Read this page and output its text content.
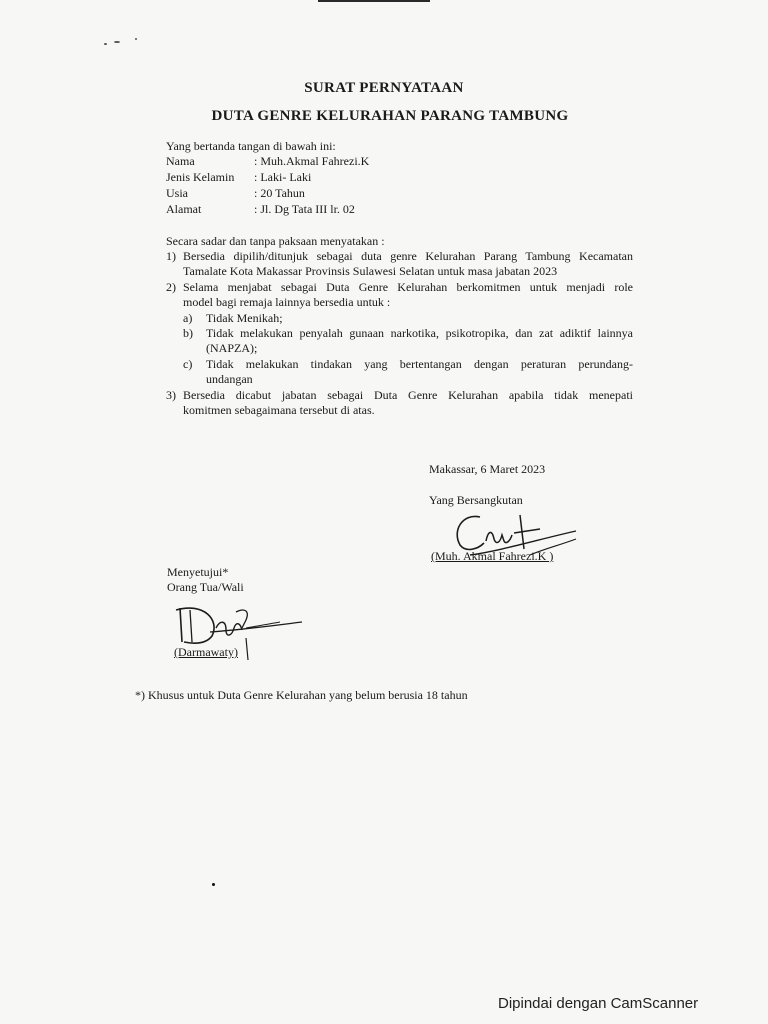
SURAT PERNYATAAN
DUTA GENRE KELURAHAN PARANG TAMBUNG
Yang bertanda tangan di bawah ini:
Nama	: Muh.Akmal Fahrezi.K
Jenis Kelamin : Laki- Laki
Usia	: 20 Tahun
Alamat	: Jl. Dg Tata III lr. 02
Secara sadar dan tanpa paksaan menyatakan :
1) Bersedia dipilih/ditunjuk sebagai duta genre Kelurahan Parang Tambung Kecamatan
Tamalate Kota Makassar Provinsis Sulawesi Selatan untuk masa jabatan 2023
2) Selama menjabat sebagai Duta Genre Kelurahan berkomitmen untuk menjadi role
model bagi remaja lainnya bersedia untuk :
a) Tidak Menikah;
b) Tidak melakukan penyalah gunaan narkotika, psikotropika, dan zat adiktif lainnya
(NAPZA);
c) Tidak melakukan tindakan yang bertentangan dengan peraturan perundang-
undangan
3) Bersedia dicabut jabatan sebagai Duta Genre Kelurahan apabila tidak menepati
komitmen sebagaimana tersebut di atas.
Makassar, 6 Maret 2023
Yang Bersangkutan
(Muh. Akmal Fahrezi.K )
Menyetujui*
Orang Tua/Wali
(Darmawaty)
*) Khusus untuk Duta Genre Kelurahan yang belum berusia 18 tahun
Dipindai dengan CamScanner
